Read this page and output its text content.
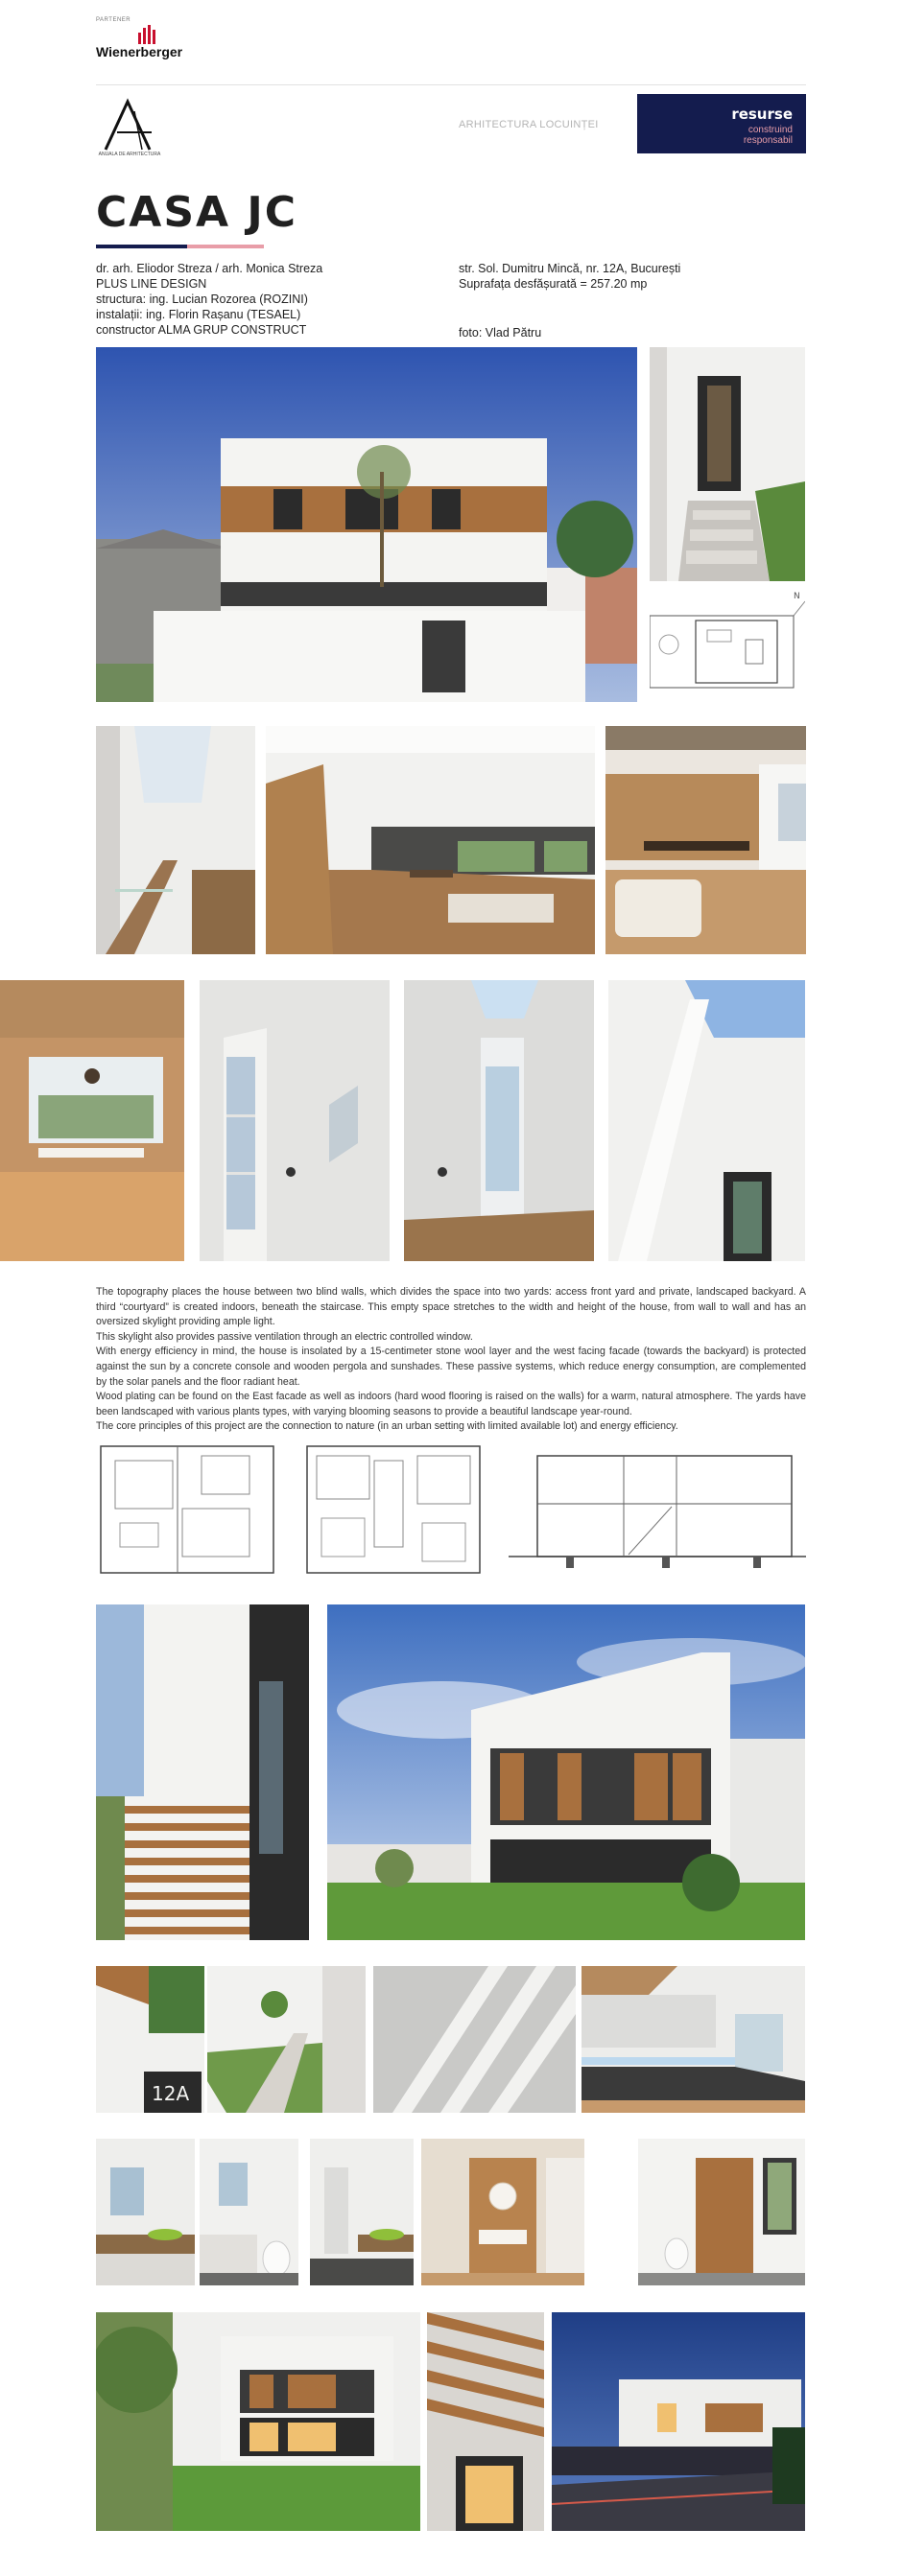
PARTENER
Wienerberger
ANUALA DE ARHITECTURA
ARHITECTURA LOCUINȚEI
resurse
construind
responsabil
CASA JC
dr. arh. Eliodor Streza / arh. Monica Streza
PLUS LINE DESIGN
structura: ing. Lucian Rozorea (ROZINI)
instalații: ing. Florin Rașanu (TESAEL)
constructor ALMA GRUP CONSTRUCT
str. Sol. Dumitru Mincă, nr. 12A, București
Suprafața desfășurată = 257.20 mp
foto: Vlad Pătru
N

The topography places the house between two blind walls, which divides the space into two yards: access front yard and private, landscaped backyard. A third “courtyard” is created indoors, beneath the staircase. This empty space stretches to the width and height of the house, from wall to wall and has an oversized skylight providing ample light.

This skylight also provides passive ventilation through an electric controlled window.

With energy efficiency in mind, the house is insolated by a 15-centimeter stone wool layer and the west facing facade (towards the backyard) is protected against the sun by a concrete console and wooden pergola and sunshades. These passive systems, which reduce energy consumption, are complemented by the solar panels and the floor radiant heat.

Wood plating can be found on the East facade as well as indoors (hard wood flooring is raised on the walls) for a warm, natural atmosphere. The yards have been landscaped with various plants types, with varying blooming seasons to provide a beautiful landscape year-round.

The core principles of this project are the connection to nature (in an urban setting with limited available lot) and energy efficiency.

12A
